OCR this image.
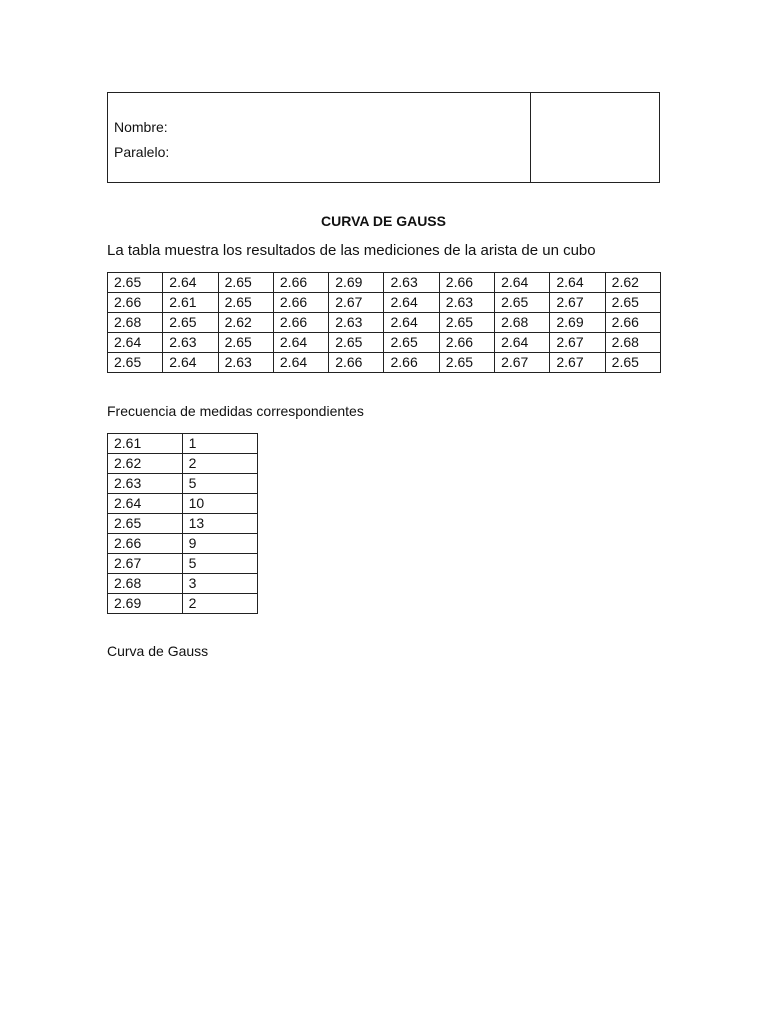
Nombre:
Paralelo:
CURVA DE GAUSS
La tabla muestra los resultados de las mediciones de la arista de un cubo
2.65	2.64	2.65	2.66	2.69	2.63	2.66	2.64	2.64	2.62
2.66	2.61	2.65	2.66	2.67	2.64	2.63	2.65	2.67	2.65
2.68	2.65	2.62	2.66	2.63	2.64	2.65	2.68	2.69	2.66
2.64	2.63	2.65	2.64	2.65	2.65	2.66	2.64	2.67	2.68
2.65	2.64	2.63	2.64	2.66	2.66	2.65	2.67	2.67	2.65
Frecuencia de medidas correspondientes
2.61	1
2.62	2
2.63	5
2.64	10
2.65	13
2.66	9
2.67	5
2.68	3
2.69	2
Curva de Gauss
